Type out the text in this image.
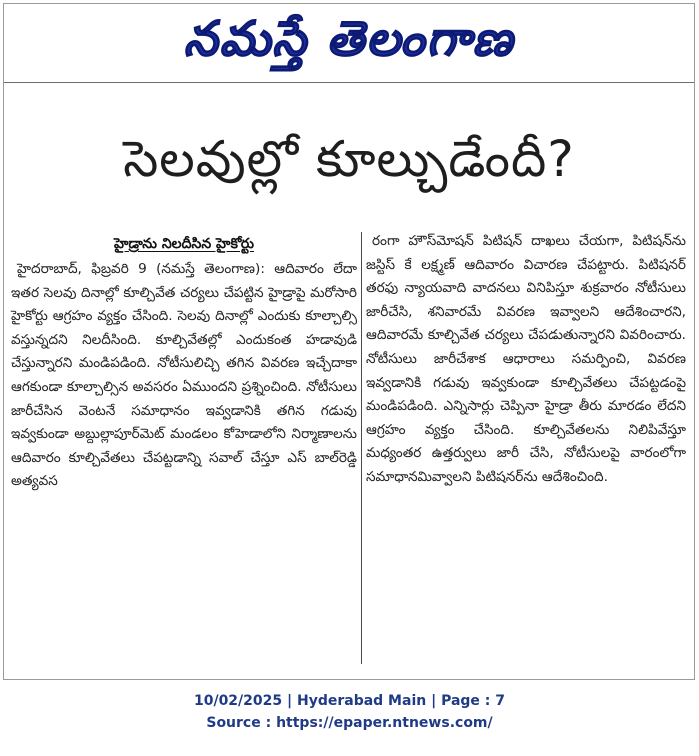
నమస్తే తెలంగాణ
సెలవుల్లో కూల్చుడేందీ?
హైడ్రాను నిలదీసిన హైకోర్టు

హైదరాబాద్, ఫిబ్రవరి 9 (నమస్తే తెలంగాణ): ఆదివారం లేదా ఇతర సెలవు దినాల్లో కూల్చివేత చర్యలు చేపట్టిన హైడ్రాపై మరోసారి హైకోర్టు ఆగ్రహం వ్యక్తం చేసింది. సెలవు దినాల్లో ఎందుకు కూల్చాల్సి వస్తున్నదని నిలదీసింది. కూల్చివేతల్లో ఎందుకంత హడావుడి చేస్తున్నారని మండిపడింది. నోటీసులిచ్చి తగిన వివరణ ఇచ్చేదాకా ఆగకుండా కూల్చాల్సిన అవసరం ఏముందని ప్రశ్నించింది. నోటీసులు జారీచేసిన వెంటనే సమాధానం ఇవ్వడానికి తగిన గడువు ఇవ్వకుండా అబ్దుల్లాపూర్‌మెట్ మండలం కోహెడాలోని నిర్మాణాలను ఆదివారం కూల్చివేతలు చేపట్టడాన్ని సవాల్ చేస్తూ ఎస్ బాల్‌రెడ్డి అత్యవస

రంగా హౌస్‌మోషన్ పిటిషన్ దాఖలు చేయగా, పిటిషన్‌ను జస్టిస్ కే లక్ష్మణ్ ఆదివారం విచారణ చేపట్టారు. పిటిషనర్ తరఫు న్యాయవాది వాదనలు వినిపిస్తూ శుక్రవారం నోటీసులు జారీచేసి, శనివారమే వివరణ ఇవ్వాలని ఆదేశించారని, ఆదివారమే కూల్చివేత చర్యలు చేపడుతున్నారని వివరించారు. నోటీసులు జారీచేశాక ఆధారాలు సమర్పించి, వివరణ ఇవ్వడానికి గడువు ఇవ్వకుండా కూల్చివేతలు చేపట్టడంపై మండిపడింది. ఎన్నిసార్లు చెప్పినా హైడ్రా తీరు మారడం లేదని ఆగ్రహం వ్యక్తం చేసింది. కూల్చివేతలను నిలిపివేస్తూ మధ్యంతర ఉత్తర్వులు జారీ చేసి, నోటీసులపై వారంలోగా సమాధానమివ్వాలని పిటిషనర్‌ను ఆదేశించింది.

10/02/2025 | Hyderabad Main | Page : 7
Source : https://epaper.ntnews.com/
